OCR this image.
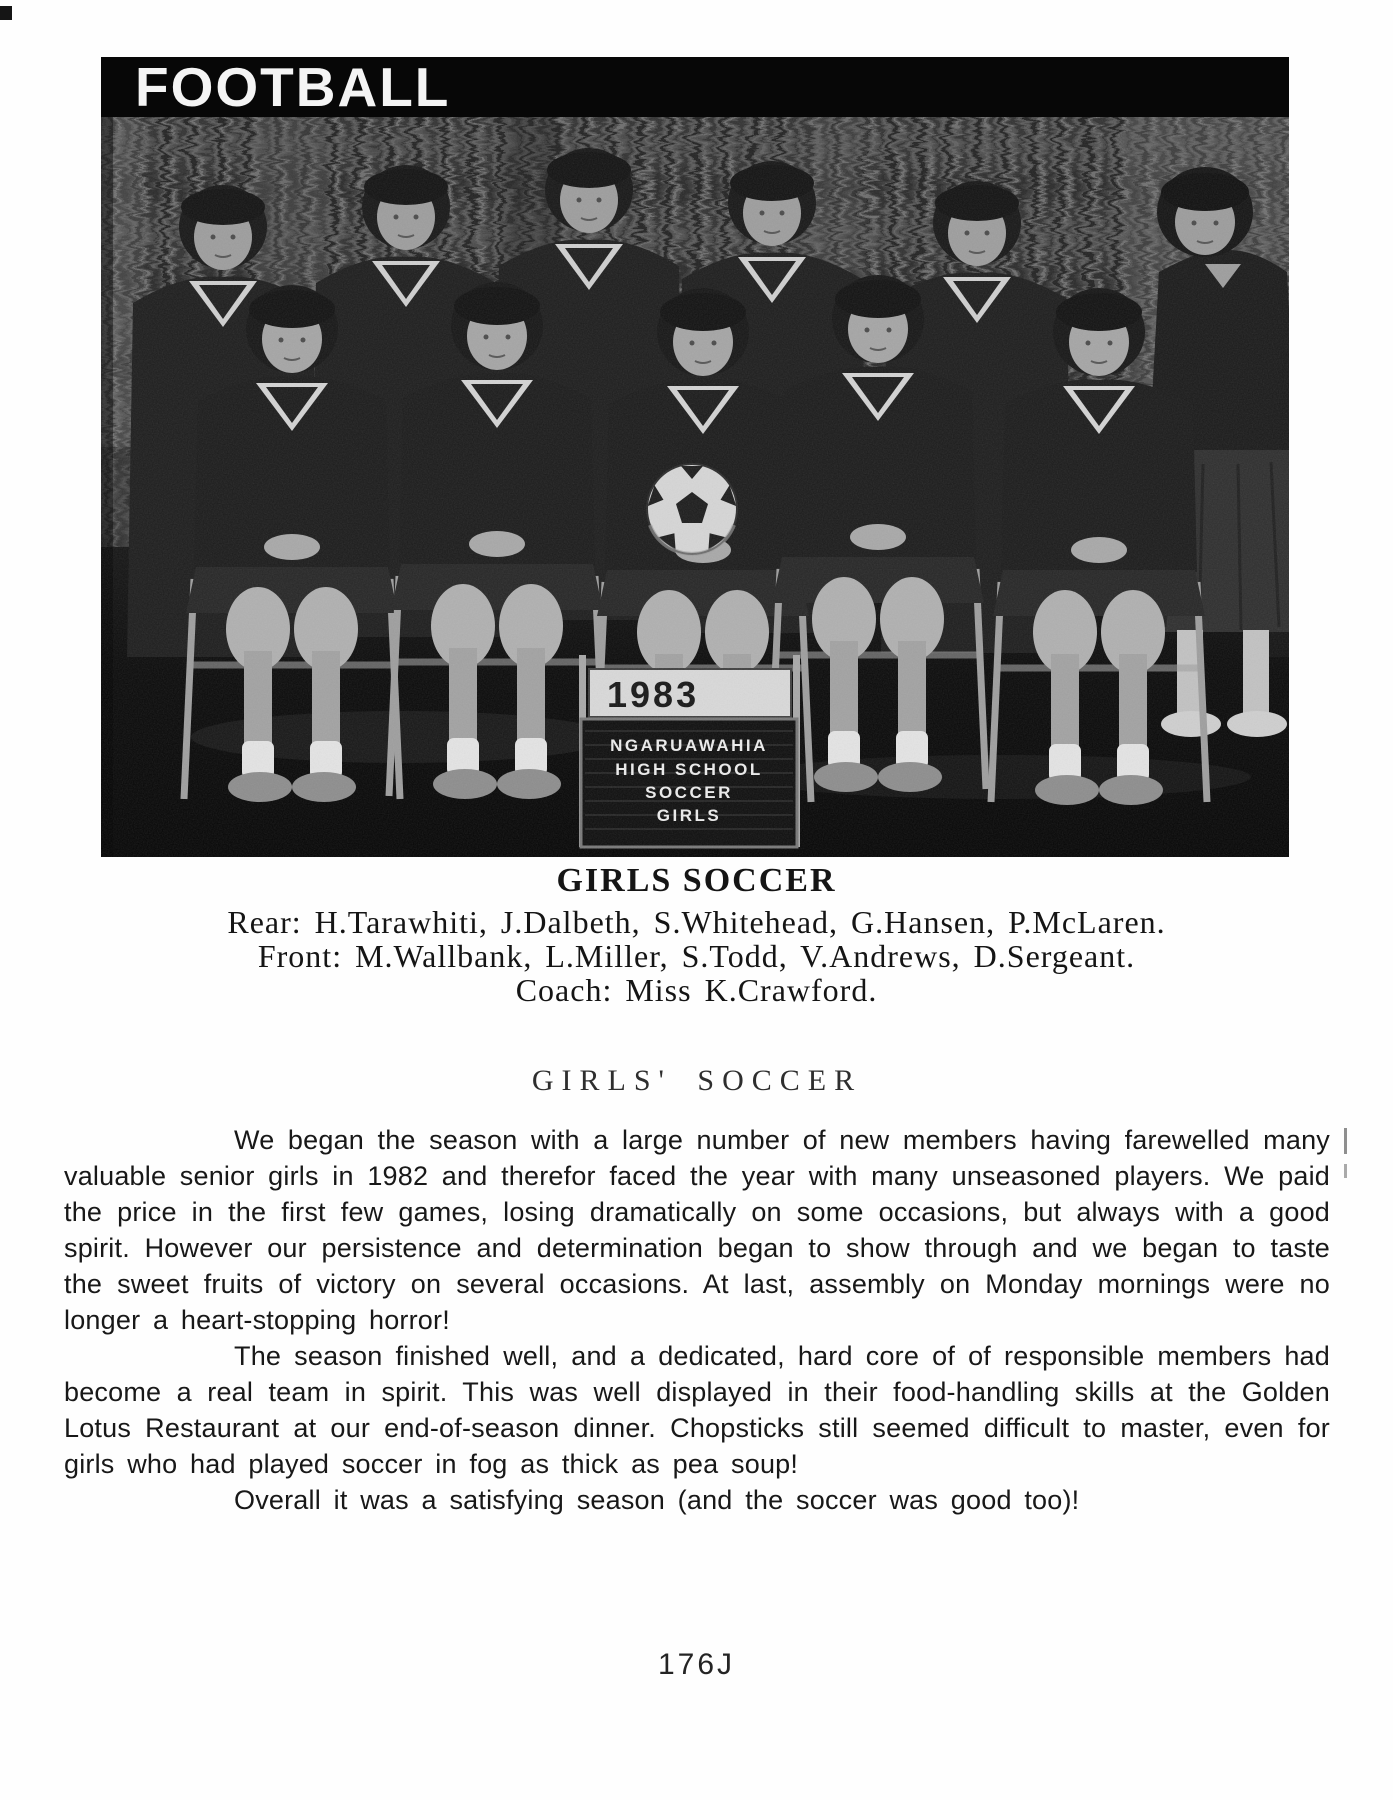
FOOTBALL
1983
NGARUAWAHIA
HIGH SCHOOL
SOCCER
GIRLS
GIRLS SOCCER
Rear: H.Tarawhiti, J.Dalbeth, S.Whitehead, G.Hansen, P.McLaren.
Front: M.Wallbank, L.Miller, S.Todd, V.Andrews, D.Sergeant.
Coach: Miss K.Crawford.
GIRLS' SOCCER

We began the season with a large number of new members having farewelled many valuable senior girls in 1982 and therefor faced the year with many unseasoned players. We paid the price in the first few games, losing dramatically on some occasions, but always with a good spirit. However our persistence and determination began to show through and we began to taste the sweet fruits of victory on several occasions. At last, assembly on Monday mornings were no longer a heart-stopping horror!

The season finished well, and a dedicated, hard core of of responsible members had become a real team in spirit. This was well displayed in their food-handling skills at the Golden Lotus Restaurant at our end-of-season dinner. Chopsticks still seemed difficult to master, even for girls who had played soccer in fog as thick as pea soup!

Overall it was a satisfying season (and the soccer was good too)!

176J
